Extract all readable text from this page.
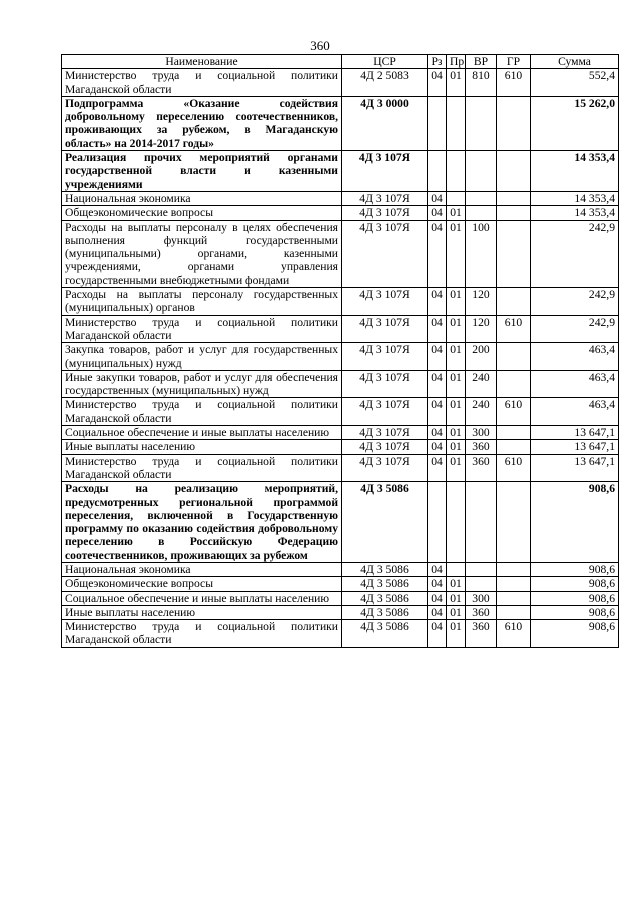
360
Наименование	ЦСР	Рз	Пр	ВР	ГР	Сумма
Министерство труда и социальной политики Магаданской области	4Д 2 5083	04	01	810	610	552,4
Подпрограмма «Оказание содействия добровольному переселению соотечественников, проживающих за рубежом, в Магаданскую область» на 2014-2017 годы»	4Д 3 0000					15 262,0
Реализация прочих мероприятий органами государственной власти и казенными учреждениями	4Д 3 107Я					14 353,4
Национальная экономика	4Д 3 107Я	04				14 353,4
Общеэкономические вопросы	4Д 3 107Я	04	01			14 353,4
Расходы на выплаты персоналу в целях обеспечения выполнения функций государственными (муниципальными) органами, казенными учреждениями, органами управления государственными внебюджетными фондами	4Д 3 107Я	04	01	100		242,9
Расходы на выплаты персоналу государственных (муниципальных) органов	4Д 3 107Я	04	01	120		242,9
Министерство труда и социальной политики Магаданской области	4Д 3 107Я	04	01	120	610	242,9
Закупка товаров, работ и услуг для государственных (муниципальных) нужд	4Д 3 107Я	04	01	200		463,4
Иные закупки товаров, работ и услуг для обеспечения государственных (муниципальных) нужд	4Д 3 107Я	04	01	240		463,4
Министерство труда и социальной политики Магаданской области	4Д 3 107Я	04	01	240	610	463,4
Социальное обеспечение и иные выплаты населению	4Д 3 107Я	04	01	300		13 647,1
Иные выплаты населению	4Д 3 107Я	04	01	360		13 647,1
Министерство труда и социальной политики Магаданской области	4Д 3 107Я	04	01	360	610	13 647,1
Расходы на реализацию мероприятий, предусмотренных региональной программой переселения, включенной в Государственную программу по оказанию содействия добровольному переселению в Российскую Федерацию соотечественников, проживающих за рубежом	4Д 3 5086					908,6
Национальная экономика	4Д 3 5086	04				908,6
Общеэкономические вопросы	4Д 3 5086	04	01			908,6
Социальное обеспечение и иные выплаты населению	4Д 3 5086	04	01	300		908,6
Иные выплаты населению	4Д 3 5086	04	01	360		908,6
Министерство труда и социальной политики Магаданской области	4Д 3 5086	04	01	360	610	908,6
